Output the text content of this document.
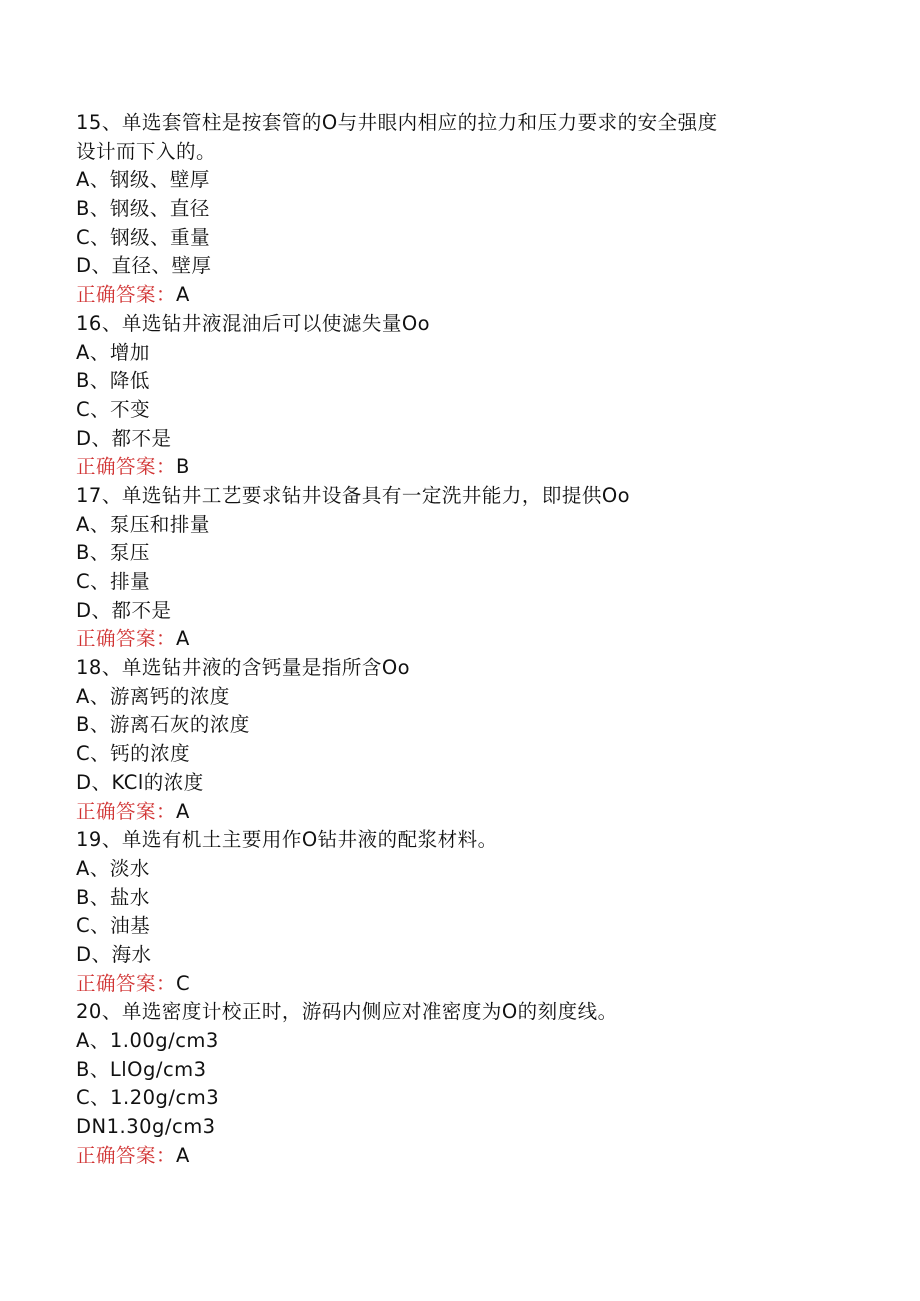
15、单选套管柱是按套管的O与井眼内相应的拉力和压力要求的安全强度
设计而下入的。
A、钢级、壁厚
B、钢级、直径
C、钢级、重量
D、直径、壁厚
正确答案：A
16、单选钻井液混油后可以使滤失量Oo
A、增加
B、降低
C、不变
D、都不是
正确答案：B
17、单选钻井工艺要求钻井设备具有一定洗井能力，即提供Oo
A、泵压和排量
B、泵压
C、排量
D、都不是
正确答案：A
18、单选钻井液的含钙量是指所含Oo
A、游离钙的浓度
B、游离石灰的浓度
C、钙的浓度
D、KCl的浓度
正确答案：A
19、单选有机土主要用作O钻井液的配浆材料。
A、淡水
B、盐水
C、油基
D、海水
正确答案：C
20、单选密度计校正时，游码内侧应对准密度为O的刻度线。
A、1.00g/cm3
B、LlOg/cm3
C、1.20g/cm3
DN1.30g/cm3
正确答案：A
